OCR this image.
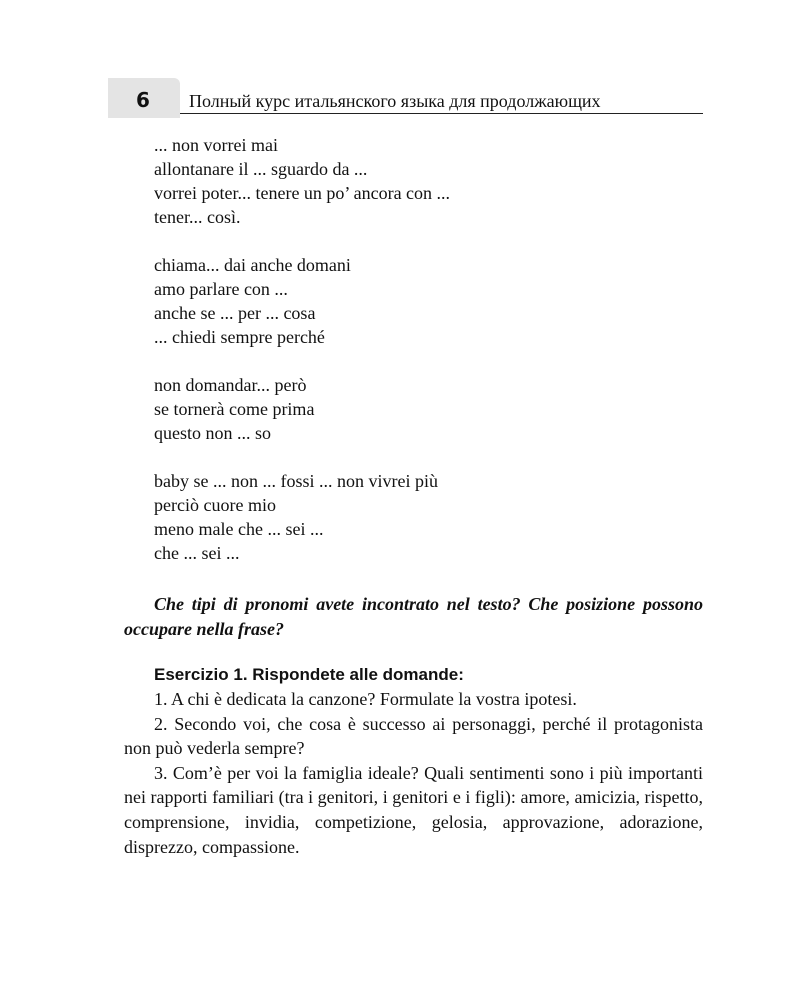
6 Полный курс итальянского языка для продолжающих
... non vorrei mai
allontanare il ... sguardo da ...
vorrei poter... tenere un po’ ancora con ...
tener... così.
chiama... dai anche domani
amo parlare con ...
anche se ... per ... cosa
... chiedi sempre perché
non domandar... però
se tornerà come prima
questo non ... so
baby se ... non ... fossi ... non vivrei più
perciò cuore mio
meno male che ... sei ...
che ... sei ...

Che tipi di pronomi avete incontrato nel testo? Che posizione possono occupare nella frase?

Esercizio 1. Rispondete alle domande:
1. A chi è dedicata la canzone? Formulate la vostra ipotesi.
2. Secondo voi, che cosa è successo ai personaggi, perché il protagonista non può vederla sempre?
3. Com’è per voi la famiglia ideale? Quali sentimenti sono i più importanti nei rapporti familiari (tra i genitori, i genitori e i figli): amore, amicizia, rispetto, comprensione, invidia, competizione, gelosia, approvazione, adorazione, disprezzo, compassione.
